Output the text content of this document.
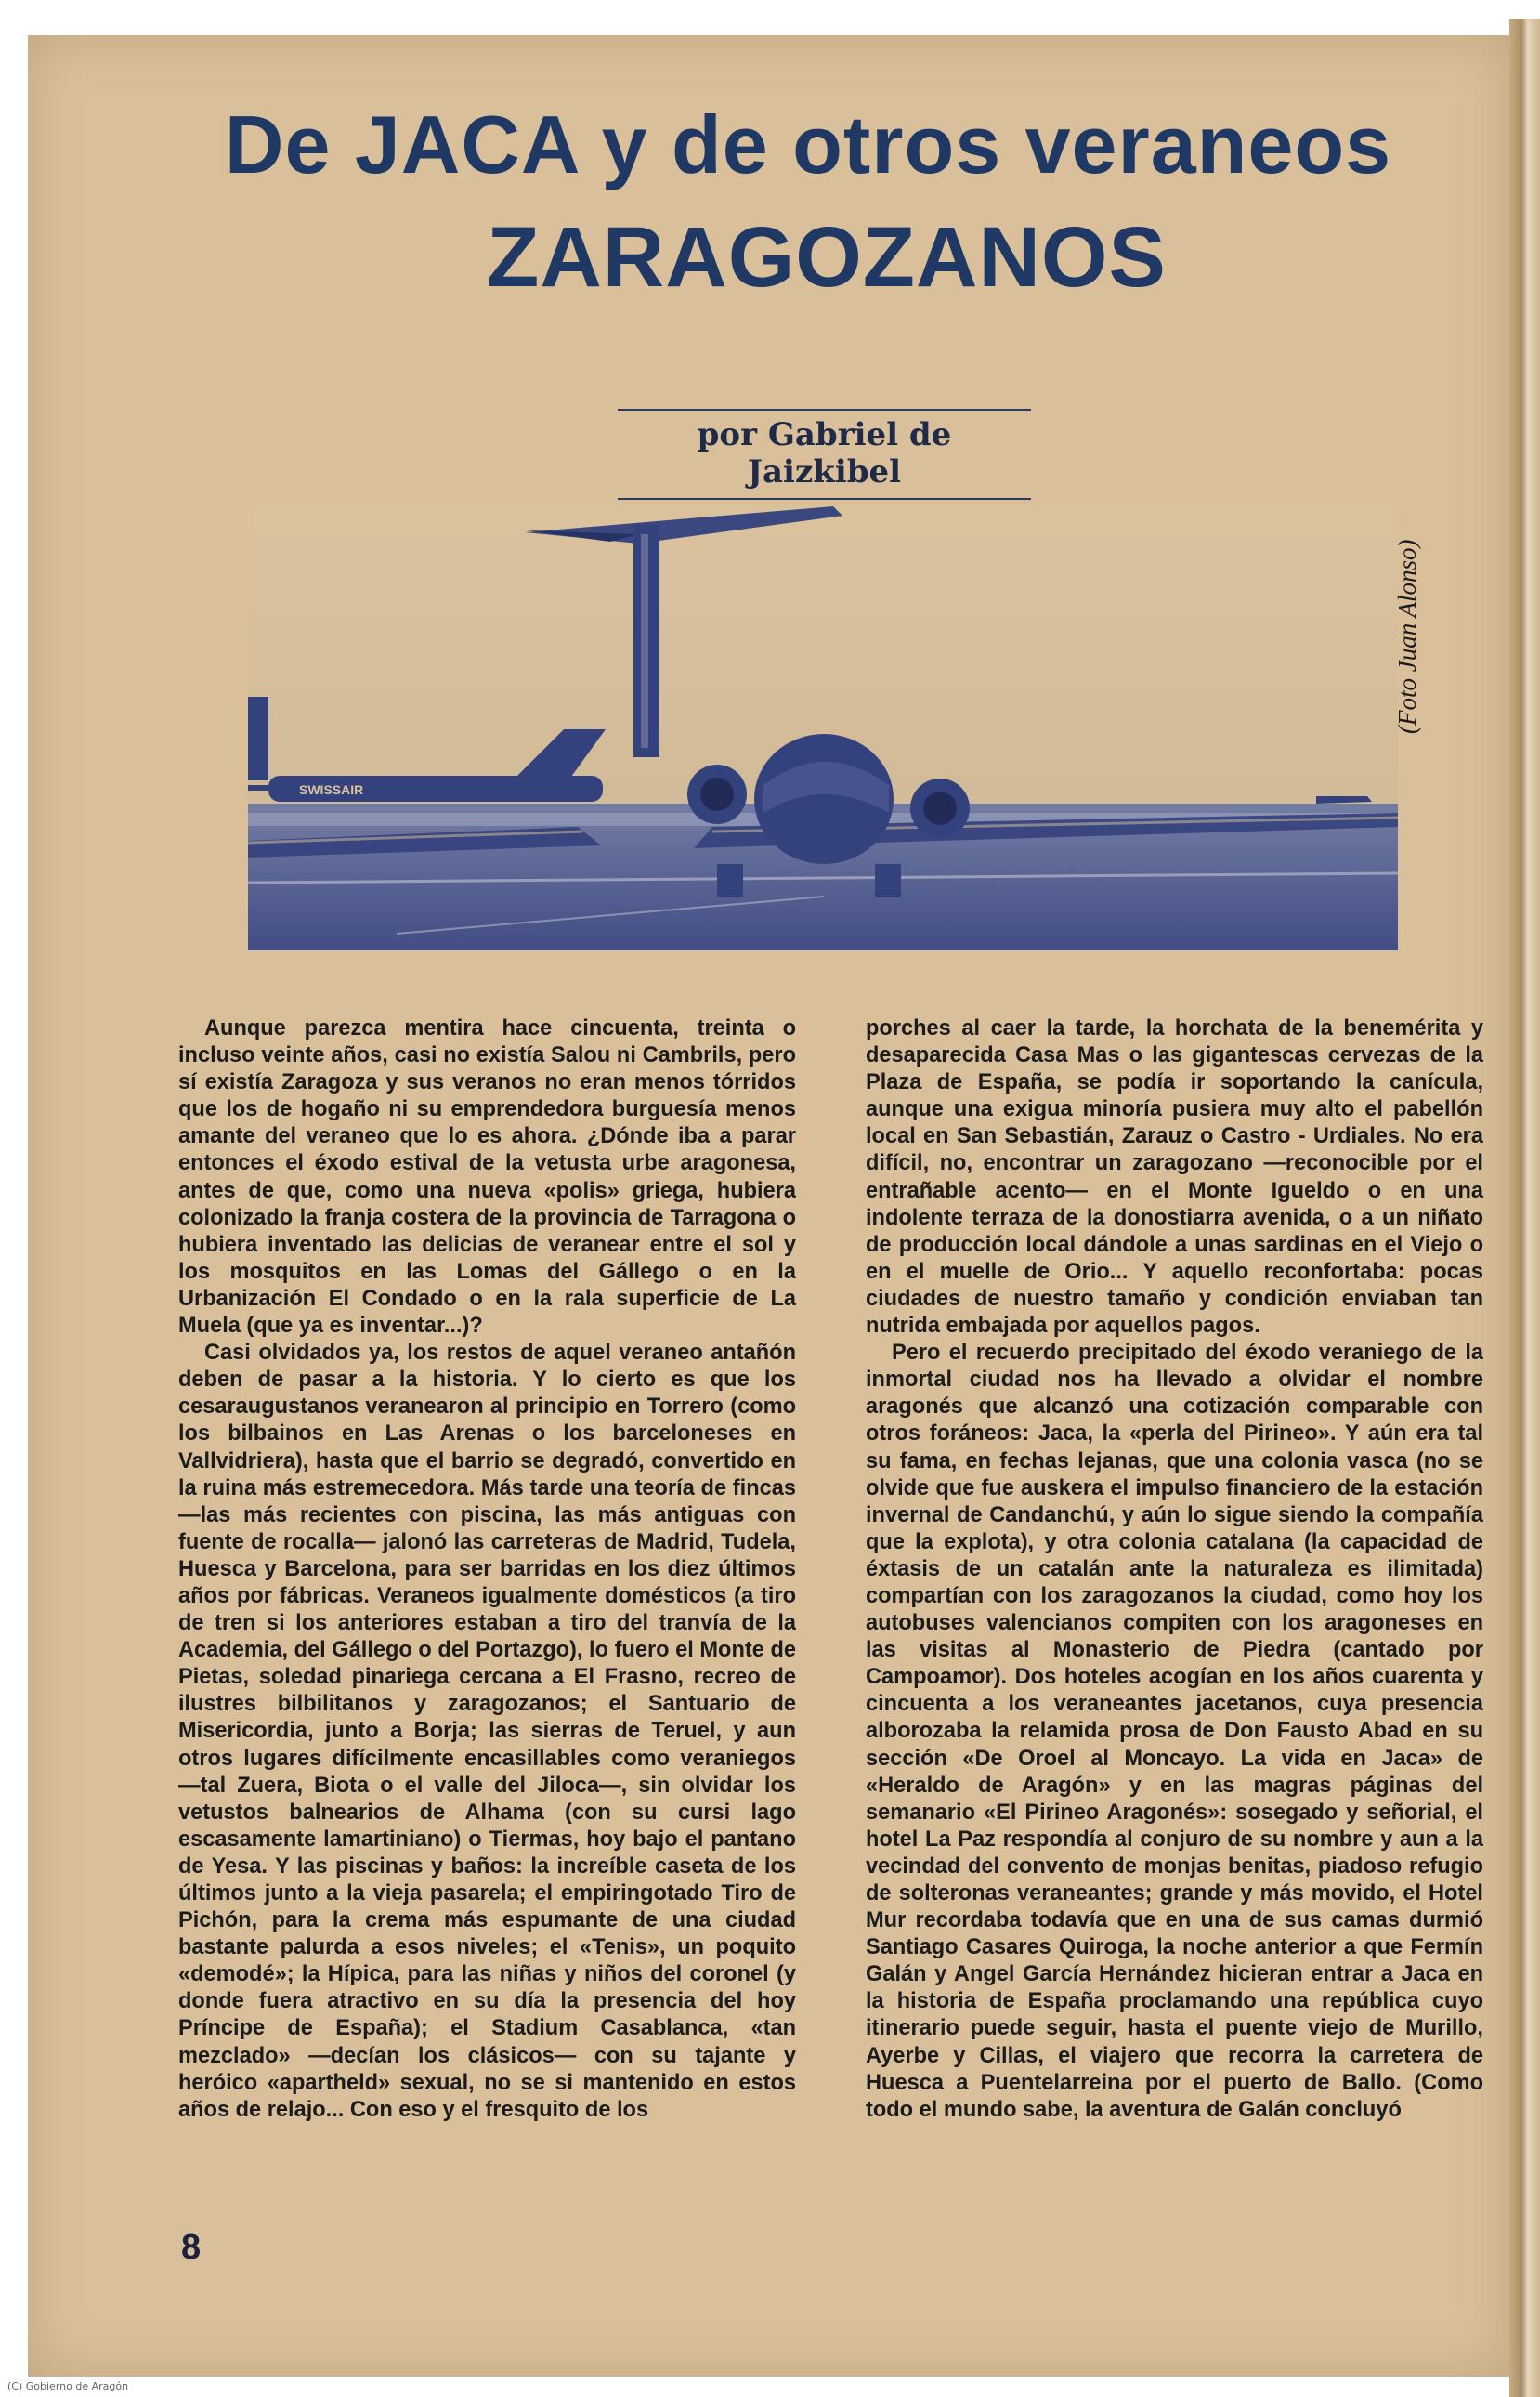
De JACA y de otros veraneos
ZARAGOZANOS
por Gabriel de Jaizkibel
SWISSAIR
(Foto Juan Alonso)

Aunque parezca mentira hace cincuenta, treinta o incluso veinte años, casi no existía Salou ni Cambrils, pero sí existía Zaragoza y sus veranos no eran menos tórridos que los de hogaño ni su emprendedora burguesía menos amante del veraneo que lo es ahora. ¿Dónde iba a parar entonces el éxodo estival de la vetusta urbe aragonesa, antes de que, como una nueva «polis» griega, hubiera colonizado la franja costera de la provincia de Tarragona o hubiera inventado las delicias de veranear entre el sol y los mosquitos en las Lomas del Gállego o en la Urbanización El Condado o en la rala superficie de La Muela (que ya es inventar...)?

Casi olvidados ya, los restos de aquel veraneo antañón deben de pasar a la historia. Y lo cierto es que los cesaraugustanos veranearon al principio en Torrero (como los bilbainos en Las Arenas o los barceloneses en Vallvidriera), hasta que el barrio se degradó, convertido en la ruina más estremecedora. Más tarde una teoría de fincas —las más recientes con piscina, las más antiguas con fuente de rocalla— jalonó las carreteras de Madrid, Tudela, Huesca y Barcelona, para ser barridas en los diez últimos años por fábricas. Veraneos igualmente domésticos (a tiro de tren si los anteriores estaban a tiro del tranvía de la Academia, del Gállego o del Portazgo), lo fuero el Monte de Pietas, soledad pinariega cercana a El Frasno, recreo de ilustres bilbilitanos y zaragozanos; el Santuario de Misericordia, junto a Borja; las sierras de Teruel, y aun otros lugares difícilmente encasillables como veraniegos —tal Zuera, Biota o el valle del Jiloca—, sin olvidar los vetustos balnearios de Alhama (con su cursi lago escasamente lamartiniano) o Tiermas, hoy bajo el pantano de Yesa. Y las piscinas y baños: la increíble caseta de los últimos junto a la vieja pasarela; el empiringotado Tiro de Pichón, para la crema más espumante de una ciudad bastante palurda a esos niveles; el «Tenis», un poquito «demodé»; la Hípica, para las niñas y niños del coronel (y donde fuera atractivo en su día la presencia del hoy Príncipe de España); el Stadium Casablanca, «tan mezclado» —decían los clásicos— con su tajante y heróico «apartheld» sexual, no se si mantenido en estos años de relajo... Con eso y el fresquito de los

porches al caer la tarde, la horchata de la benemérita y desaparecida Casa Mas o las gigantescas cervezas de la Plaza de España, se podía ir soportando la canícula, aunque una exigua minoría pusiera muy alto el pabellón local en San Sebastián, Zarauz o Castro - Urdiales. No era difícil, no, encontrar un zaragozano —reconocible por el entrañable acento— en el Monte Igueldo o en una indolente terraza de la donostiarra avenida, o a un niñato de producción local dándole a unas sardinas en el Viejo o en el muelle de Orio... Y aquello reconfortaba: pocas ciudades de nuestro tamaño y condición enviaban tan nutrida embajada por aquellos pagos.

Pero el recuerdo precipitado del éxodo veraniego de la inmortal ciudad nos ha llevado a olvidar el nombre aragonés que alcanzó una cotización comparable con otros foráneos: Jaca, la «perla del Pirineo». Y aún era tal su fama, en fechas lejanas, que una colonia vasca (no se olvide que fue auskera el impulso financiero de la estación invernal de Candanchú, y aún lo sigue siendo la compañía que la explota), y otra colonia catalana (la capacidad de éxtasis de un catalán ante la naturaleza es ilimitada) compartían con los zaragozanos la ciudad, como hoy los autobuses valencianos compiten con los aragoneses en las visitas al Monasterio de Piedra (cantado por Campoamor). Dos hoteles acogían en los años cuarenta y cincuenta a los veraneantes jacetanos, cuya presencia alborozaba la relamida prosa de Don Fausto Abad en su sección «De Oroel al Moncayo. La vida en Jaca» de «Heraldo de Aragón» y en las magras páginas del semanario «El Pirineo Aragonés»: sosegado y señorial, el hotel La Paz respondía al conjuro de su nombre y aun a la vecindad del convento de monjas benitas, piadoso refugio de solteronas veraneantes; grande y más movido, el Hotel Mur recordaba todavía que en una de sus camas durmió Santiago Casares Quiroga, la noche anterior a que Fermín Galán y Angel García Hernández hicieran entrar a Jaca en la historia de España proclamando una república cuyo itinerario puede seguir, hasta el puente viejo de Murillo, Ayerbe y Cillas, el viajero que recorra la carretera de Huesca a Puentelarreina por el puerto de Ballo. (Como todo el mundo sabe, la aventura de Galán concluyó

8
(C) Gobierno de Aragón
